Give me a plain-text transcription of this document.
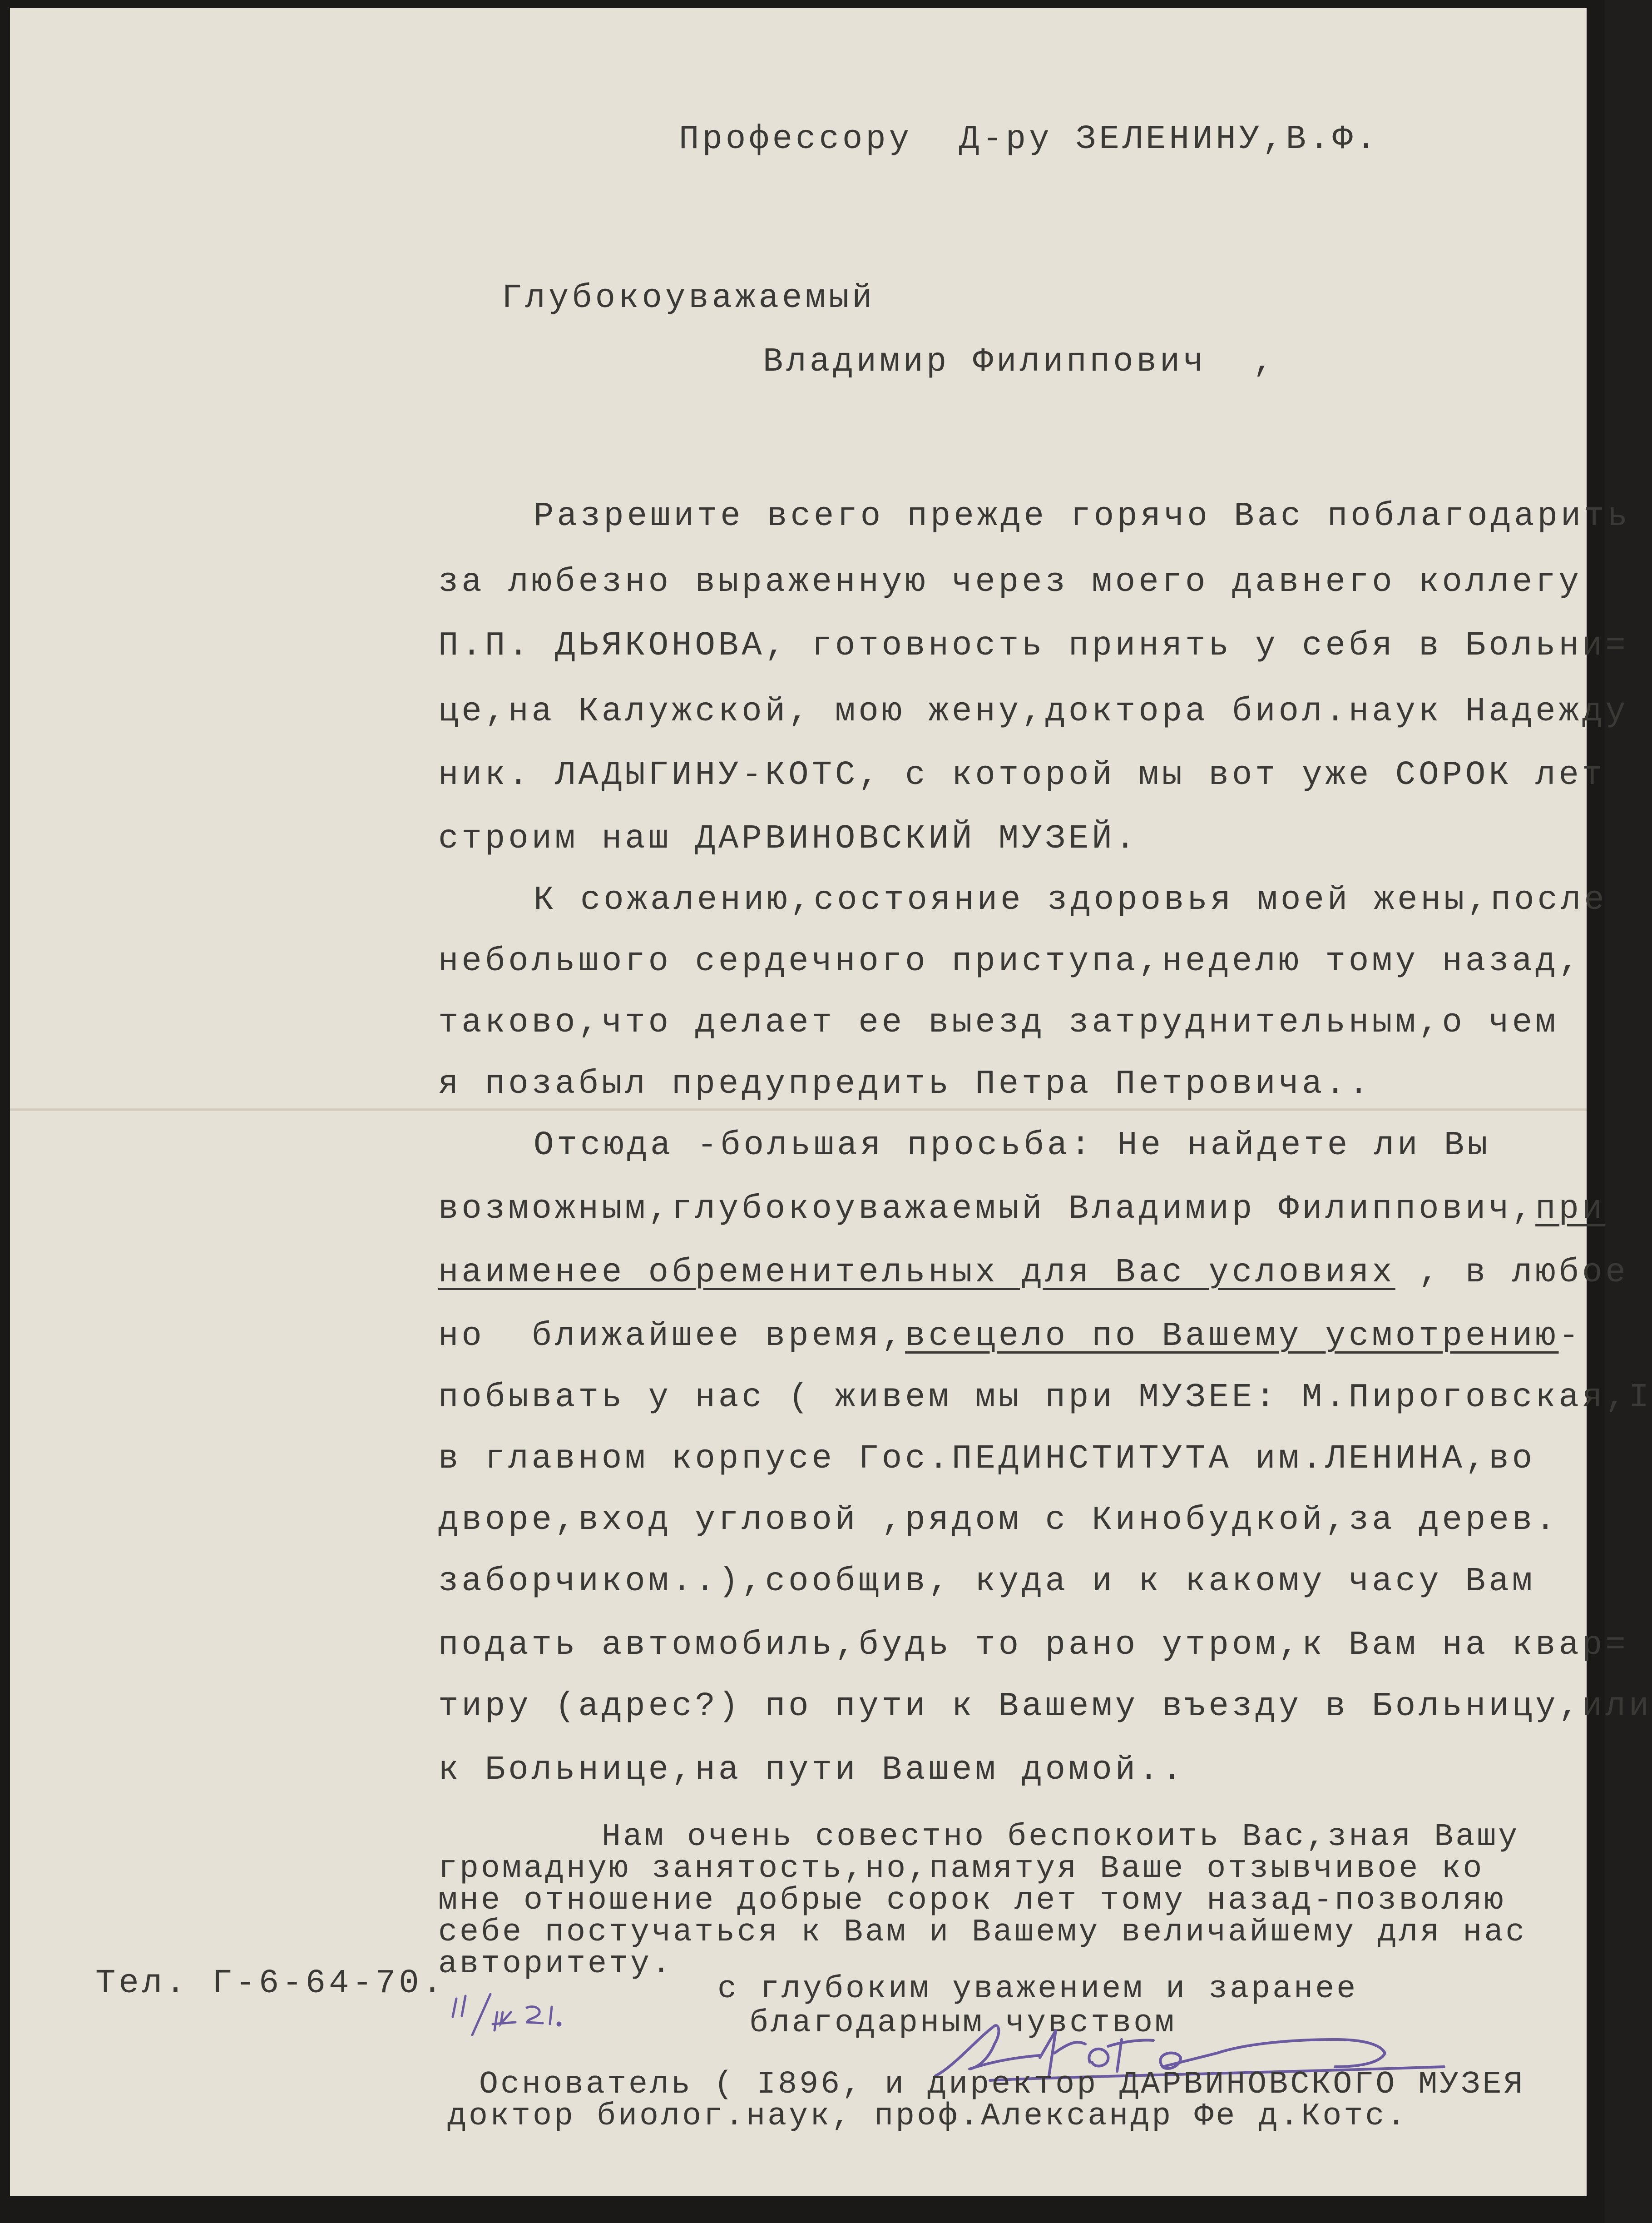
Профессору  Д-ру ЗЕЛЕНИНУ,В.Ф.
Глубокоуважаемый
Владимир Филиппович  ,
Разрешите всего прежде горячо Вас поблагодарить
за любезно выраженную через моего давнего коллегу
П.П. ДЬЯКОНОВА, готовность принять у себя в Больни=
це,на Калужской, мою жену,доктора биол.наук Надежду
ник. ЛАДЫГИНУ-КОТС, с которой мы вот уже СОРОК лет
строим наш ДАРВИНОВСКИЙ МУЗЕЙ.
К сожалению,состояние здоровья моей жены,после
небольшого сердечного приступа,неделю тому назад,
таково,что делает ее выезд затруднительным,о чем
я позабыл предупредить Петра Петровича..
Отсюда -большая просьба: Не найдете ли Вы
возможным,глубокоуважаемый Владимир Филиппович,при
наименее обременительных для Вас условиях , в любое
но  ближайшее время,всецело по Вашему усмотрению-
побывать у нас ( живем мы при МУЗЕЕ: М.Пироговская,I
в главном корпусе Гос.ПЕДИНСТИТУТА им.ЛЕНИНА,во
дворе,вход угловой ,рядом с Кинобудкой,за дерев.
заборчиком..),сообщив, куда и к какому часу Вам
подать автомобиль,будь то рано утром,к Вам на квар=
тиру (адрес?) по пути к Вашему въезду в Больницу,или
к Больнице,на пути Вашем домой..
Нам очень совестно беспокоить Вас,зная Вашу
громадную занятость,но,памятуя Ваше отзывчивое ко
мне отношение добрые сорок лет тому назад-позволяю
себе постучаться к Вам и Вашему величайшему для нас
авторитету.
Тел. Г-6-64-70.	с глубоким уважением и заранее
благодарным чувством
Основатель ( I896, и директор ДАРВИНОВСКОГО МУЗЕЯ
доктор биолог.наук, проф.Александр Фе д.Котс.
